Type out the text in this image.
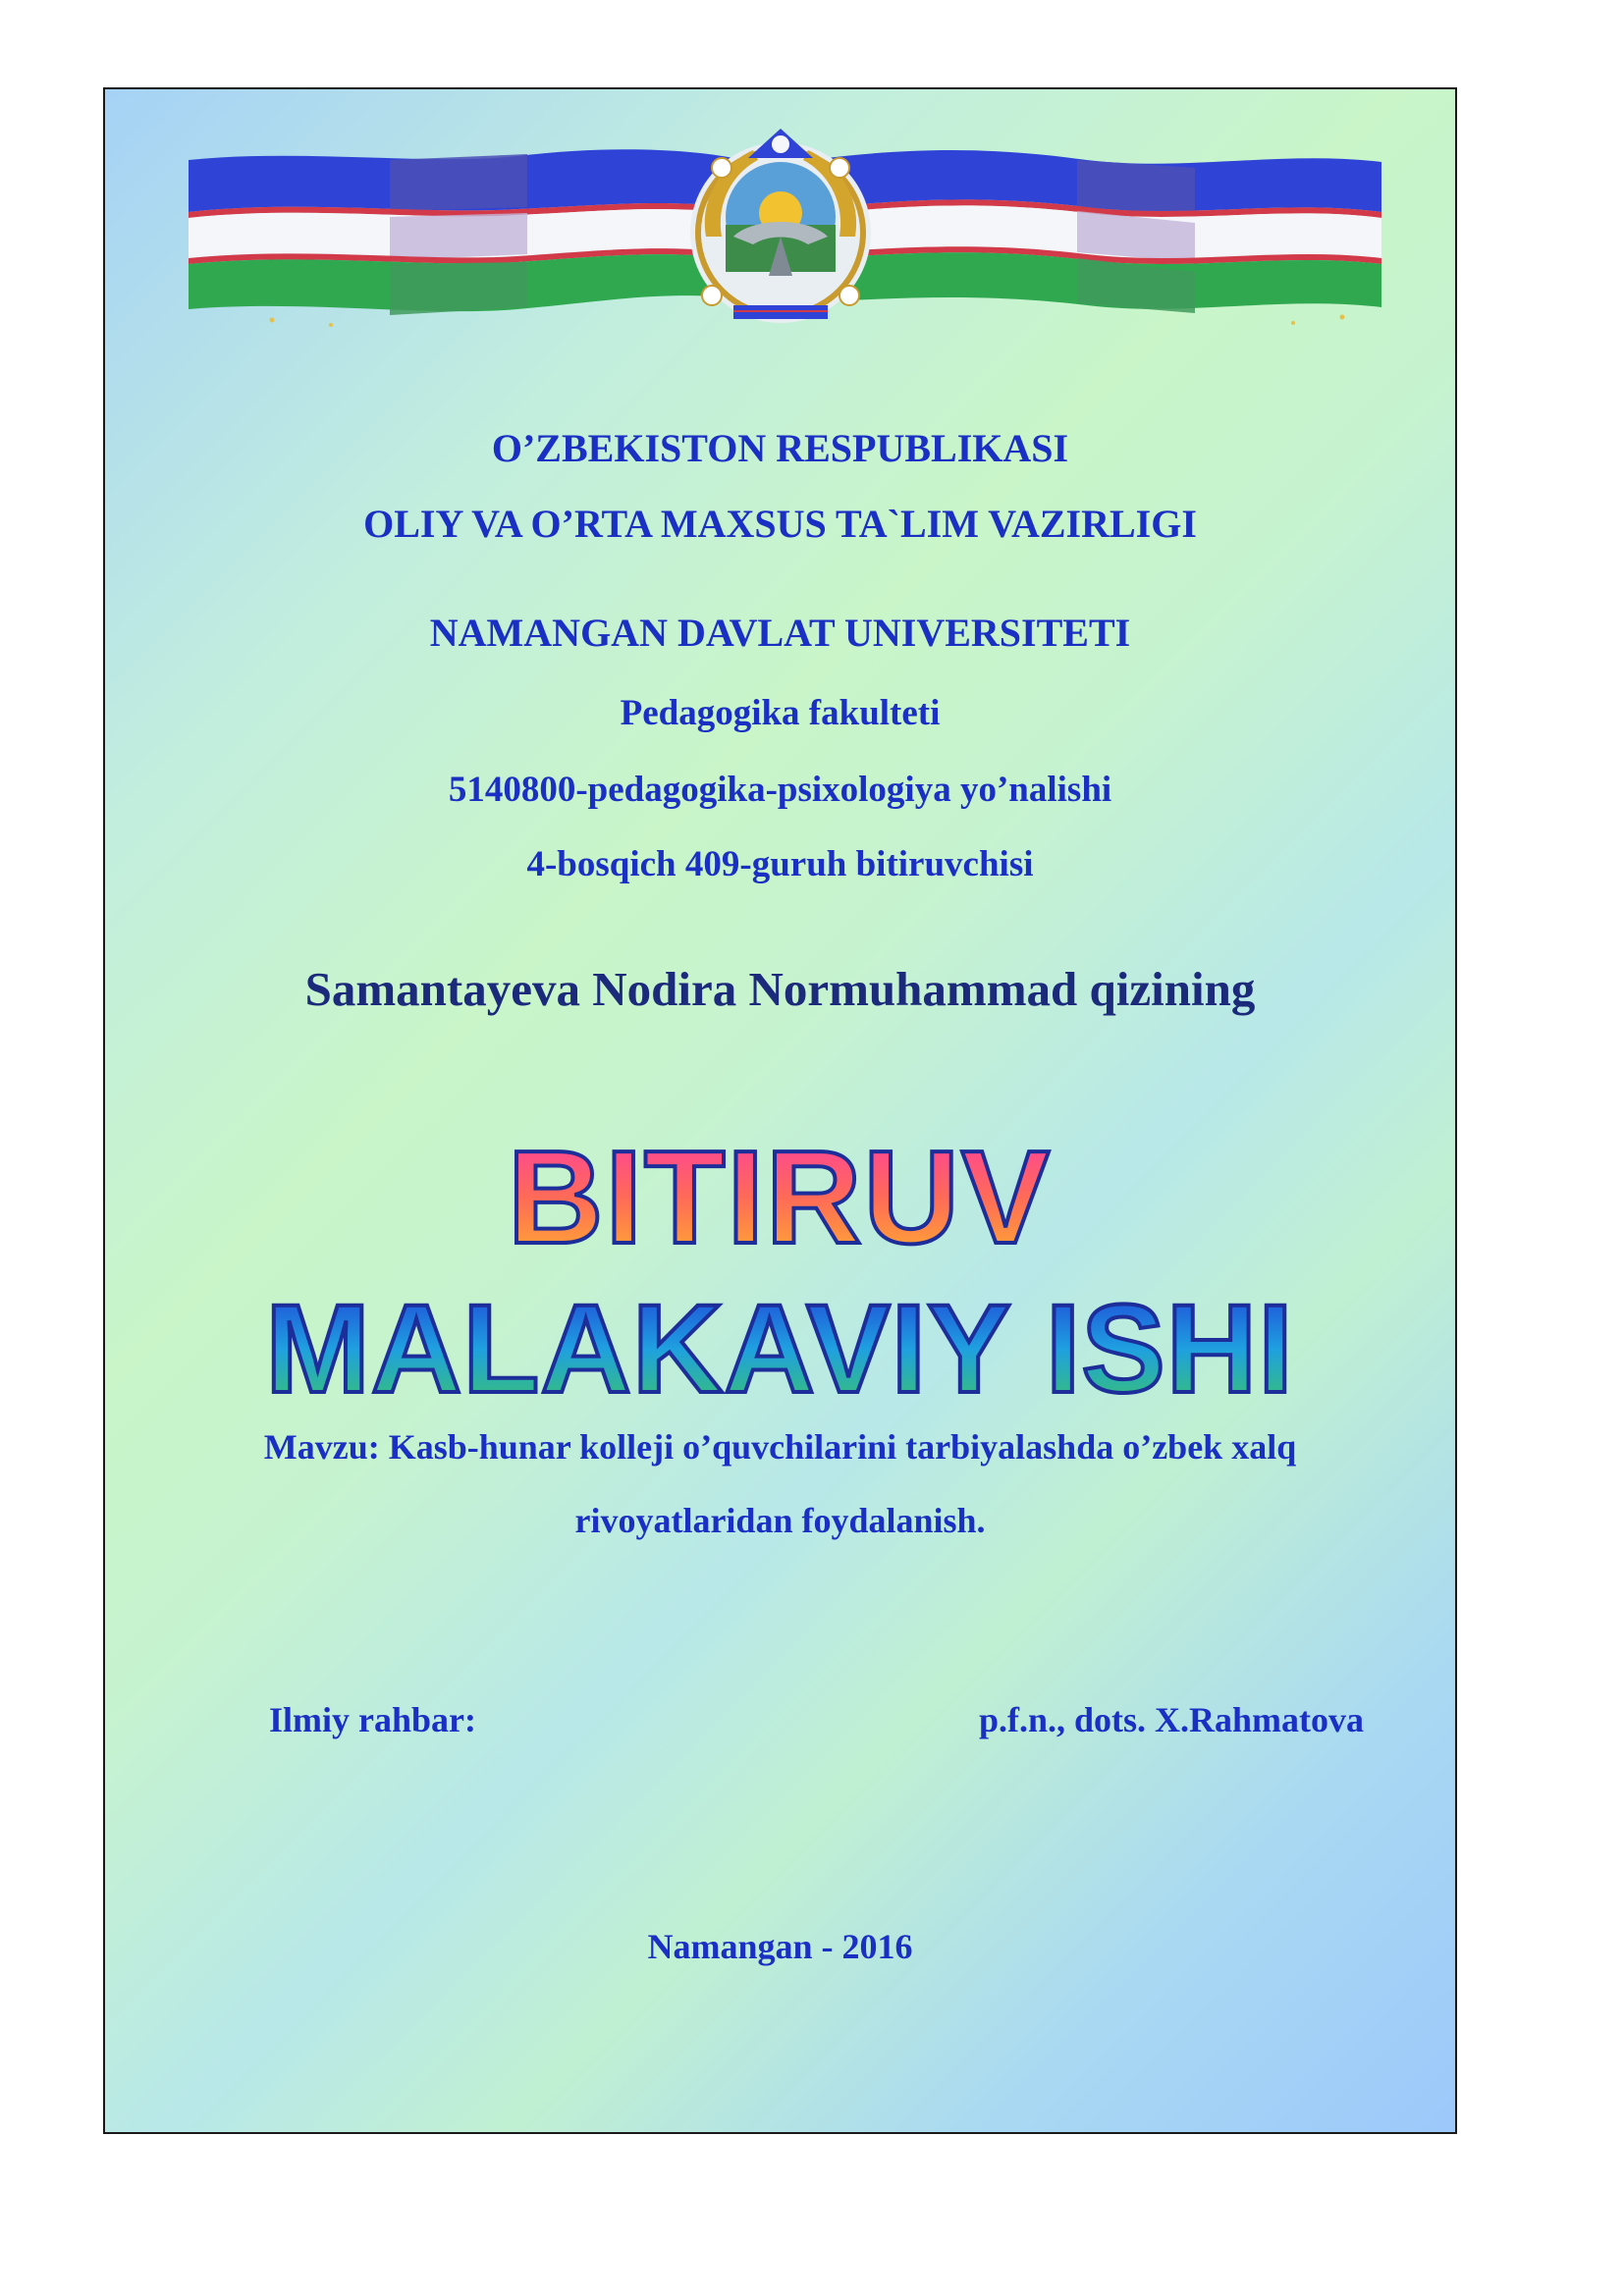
O’ZBEKISTON RESPUBLIKASI
OLIY VA O’RTA MAXSUS TA`LIM VAZIRLIGI
NAMANGAN DAVLAT UNIVERSITETI
Pedagogika fakulteti
5140800-pedagogika-psixologiya yo’nalishi
4-bosqich 409-guruh bitiruvchisi
Samantayeva Nodira Normuhammad qizining
BITIRUV
MALAKAVIY ISHI
Mavzu: Kasb-hunar kolleji o’quvchilarini tarbiyalashda o’zbek xalq
rivoyatlaridan foydalanish.
Ilmiy rahbar:	p.f.n., dots. X.Rahmatova
Namangan - 2016
